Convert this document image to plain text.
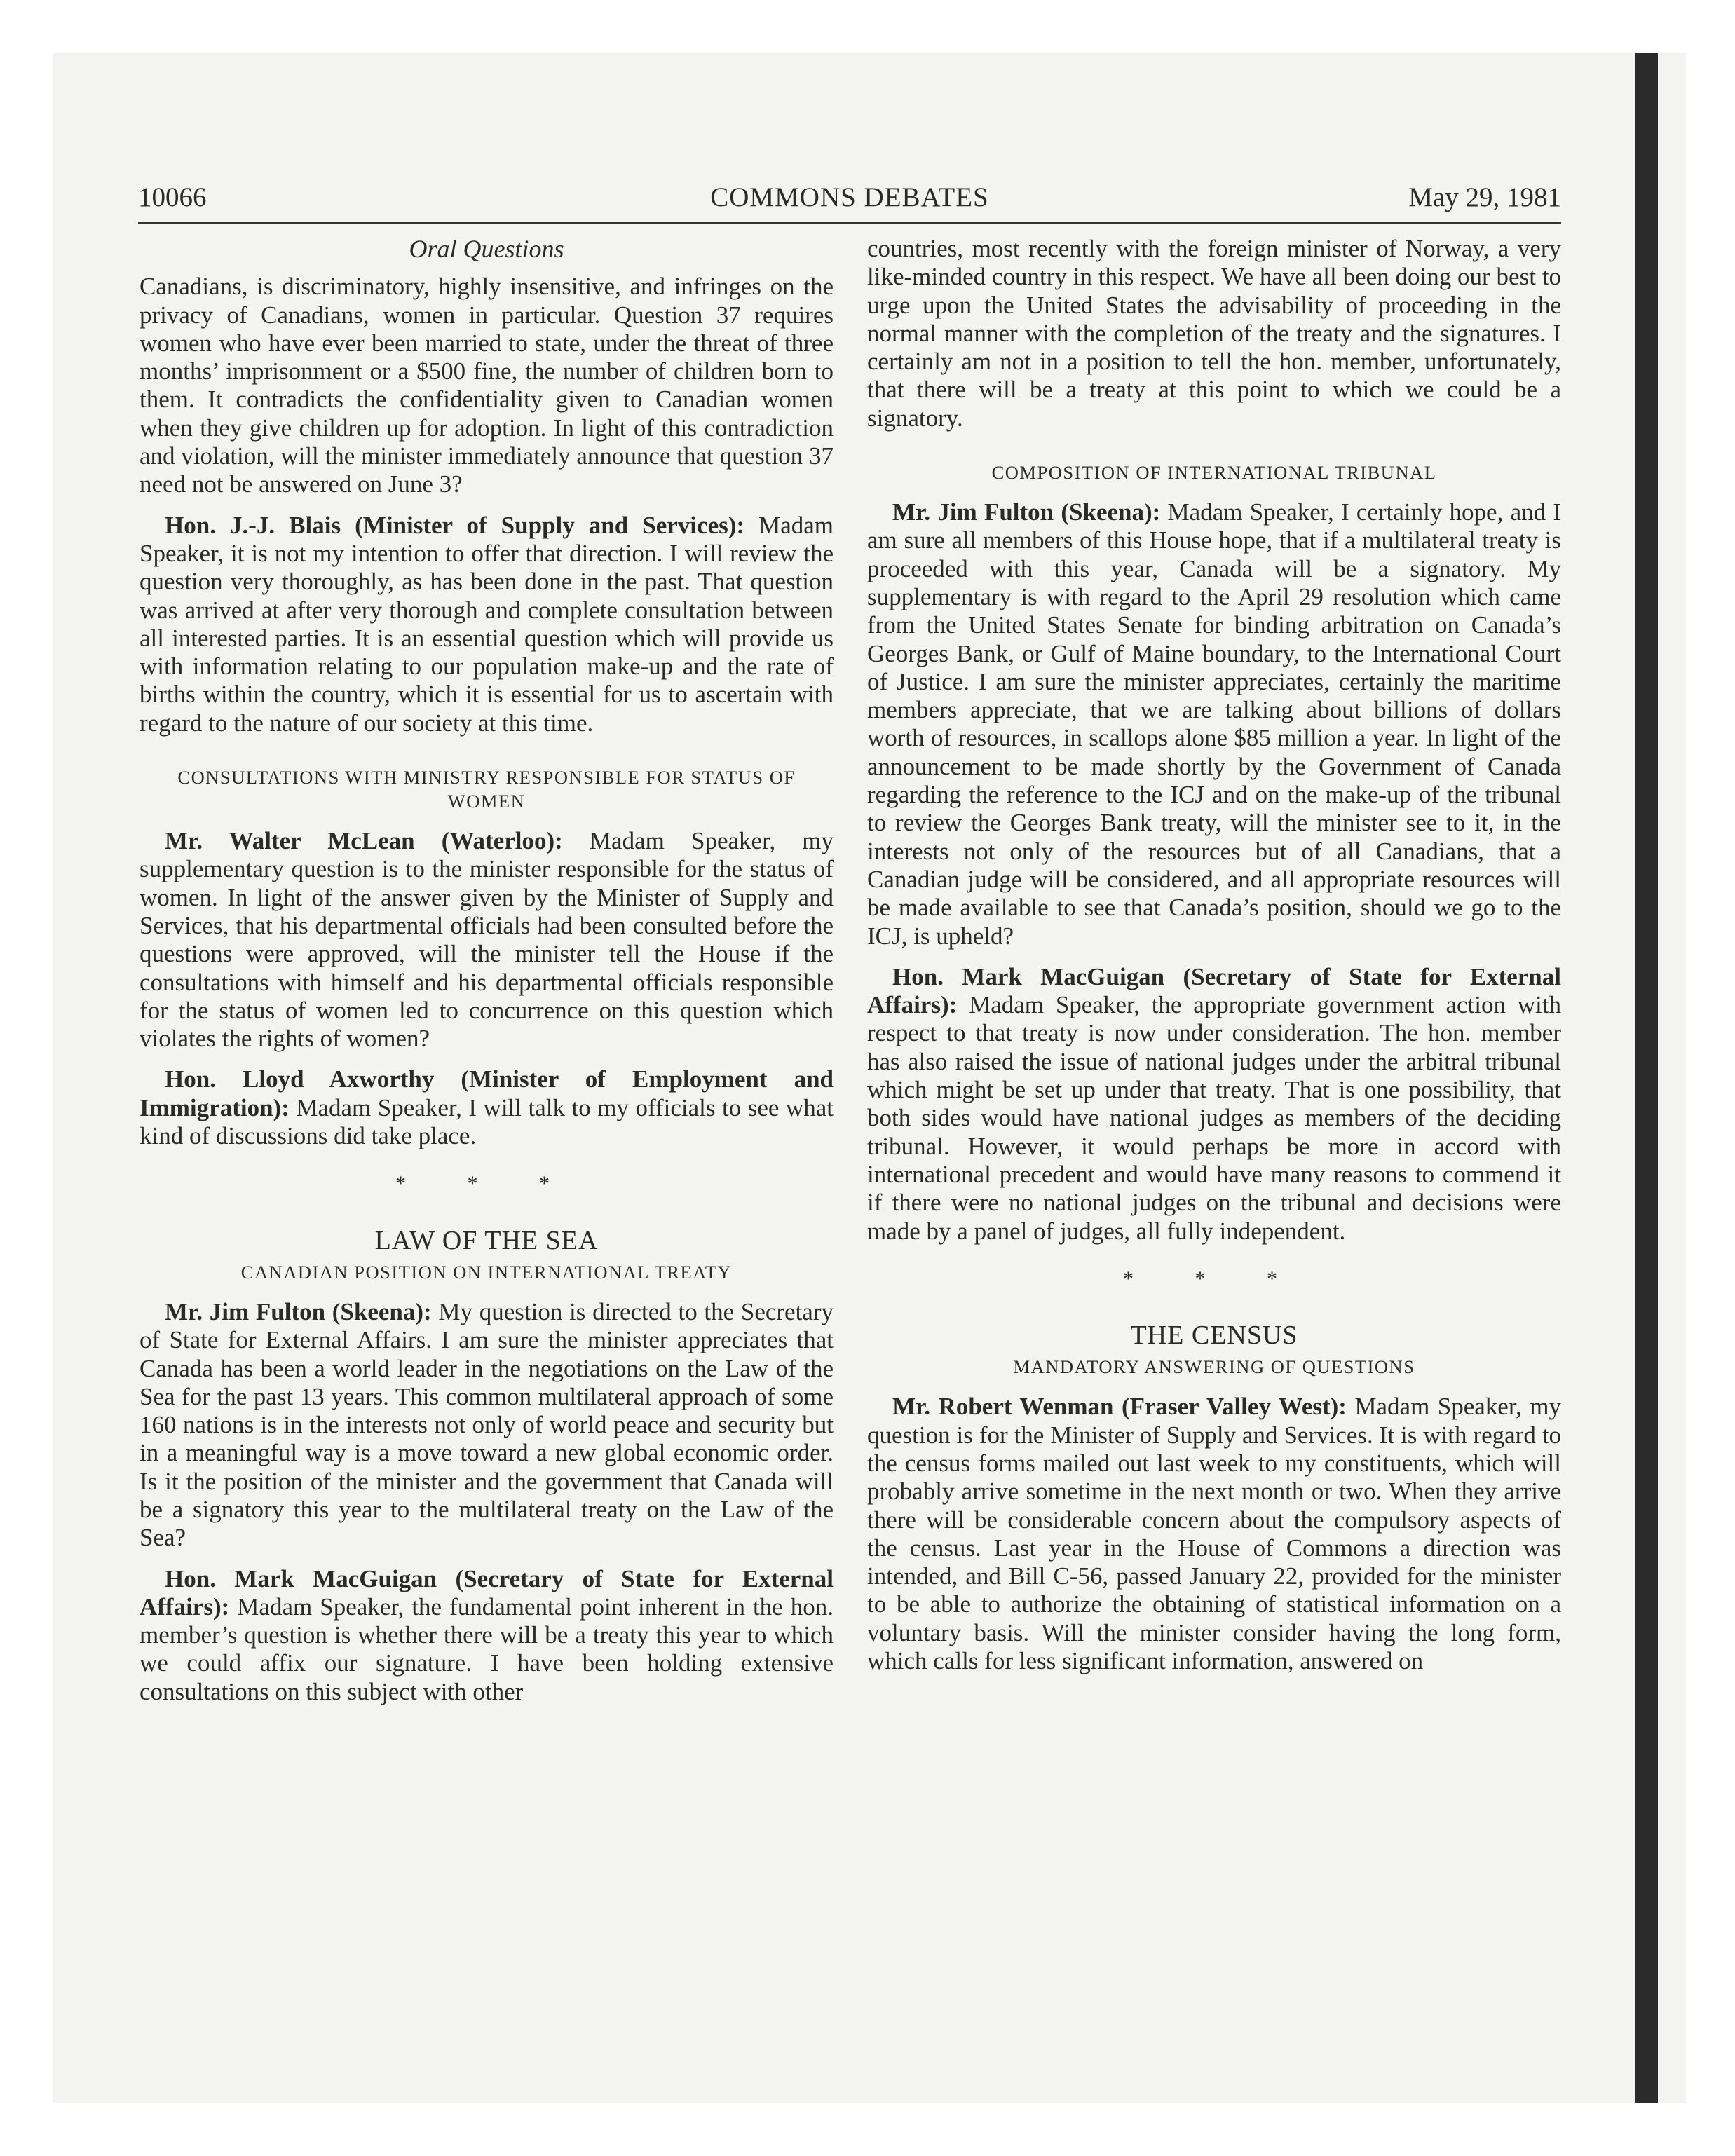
10066	COMMONS DEBATES	May 29, 1981
Oral Questions

Canadians, is discriminatory, highly insensitive, and infringes on the privacy of Canadians, women in particular. Question 37 requires women who have ever been married to state, under the threat of three months’ imprisonment or a $500 fine, the number of children born to them. It contradicts the confidentiality given to Canadian women when they give children up for adoption. In light of this contradiction and violation, will the minister immediately announce that question 37 need not be answered on June 3?

Hon. J.-J. Blais (Minister of Supply and Services): Madam Speaker, it is not my intention to offer that direction. I will review the question very thoroughly, as has been done in the past. That question was arrived at after very thorough and complete consultation between all interested parties. It is an essential question which will provide us with information relating to our population make-up and the rate of births within the country, which it is essential for us to ascertain with regard to the nature of our society at this time.

CONSULTATIONS WITH MINISTRY RESPONSIBLE FOR STATUS OF WOMEN

Mr. Walter McLean (Waterloo): Madam Speaker, my supplementary question is to the minister responsible for the status of women. In light of the answer given by the Minister of Supply and Services, that his departmental officials had been consulted before the questions were approved, will the minister tell the House if the consultations with himself and his departmental officials responsible for the status of women led to concurrence on this question which violates the rights of women?

Hon. Lloyd Axworthy (Minister of Employment and Immigration): Madam Speaker, I will talk to my officials to see what kind of discussions did take place.

* * *
LAW OF THE SEA
CANADIAN POSITION ON INTERNATIONAL TREATY

Mr. Jim Fulton (Skeena): My question is directed to the Secretary of State for External Affairs. I am sure the minister appreciates that Canada has been a world leader in the negotiations on the Law of the Sea for the past 13 years. This common multilateral approach of some 160 nations is in the interests not only of world peace and security but in a meaningful way is a move toward a new global economic order. Is it the position of the minister and the government that Canada will be a signatory this year to the multilateral treaty on the Law of the Sea?

Hon. Mark MacGuigan (Secretary of State for External Affairs): Madam Speaker, the fundamental point inherent in the hon. member’s question is whether there will be a treaty this year to which we could affix our signature. I have been holding extensive consultations on this subject with other

countries, most recently with the foreign minister of Norway, a very like-minded country in this respect. We have all been doing our best to urge upon the United States the advisability of proceeding in the normal manner with the completion of the treaty and the signatures. I certainly am not in a position to tell the hon. member, unfortunately, that there will be a treaty at this point to which we could be a signatory.

COMPOSITION OF INTERNATIONAL TRIBUNAL

Mr. Jim Fulton (Skeena): Madam Speaker, I certainly hope, and I am sure all members of this House hope, that if a multilateral treaty is proceeded with this year, Canada will be a signatory. My supplementary is with regard to the April 29 resolution which came from the United States Senate for binding arbitration on Canada’s Georges Bank, or Gulf of Maine boundary, to the International Court of Justice. I am sure the minister appreciates, certainly the maritime members appreciate, that we are talking about billions of dollars worth of resources, in scallops alone $85 million a year. In light of the announcement to be made shortly by the Government of Canada regarding the reference to the ICJ and on the make-up of the tribunal to review the Georges Bank treaty, will the minister see to it, in the interests not only of the resources but of all Canadians, that a Canadian judge will be considered, and all appropriate resources will be made available to see that Canada’s position, should we go to the ICJ, is upheld?

Hon. Mark MacGuigan (Secretary of State for External Affairs): Madam Speaker, the appropriate government action with respect to that treaty is now under consideration. The hon. member has also raised the issue of national judges under the arbitral tribunal which might be set up under that treaty. That is one possibility, that both sides would have national judges as members of the deciding tribunal. However, it would perhaps be more in accord with international precedent and would have many reasons to commend it if there were no national judges on the tribunal and decisions were made by a panel of judges, all fully independent.

* * *
THE CENSUS
MANDATORY ANSWERING OF QUESTIONS

Mr. Robert Wenman (Fraser Valley West): Madam Speaker, my question is for the Minister of Supply and Services. It is with regard to the census forms mailed out last week to my constituents, which will probably arrive sometime in the next month or two. When they arrive there will be considerable concern about the compulsory aspects of the census. Last year in the House of Commons a direction was intended, and Bill C-56, passed January 22, provided for the minister to be able to authorize the obtaining of statistical information on a voluntary basis. Will the minister consider having the long form, which calls for less significant information, answered on
